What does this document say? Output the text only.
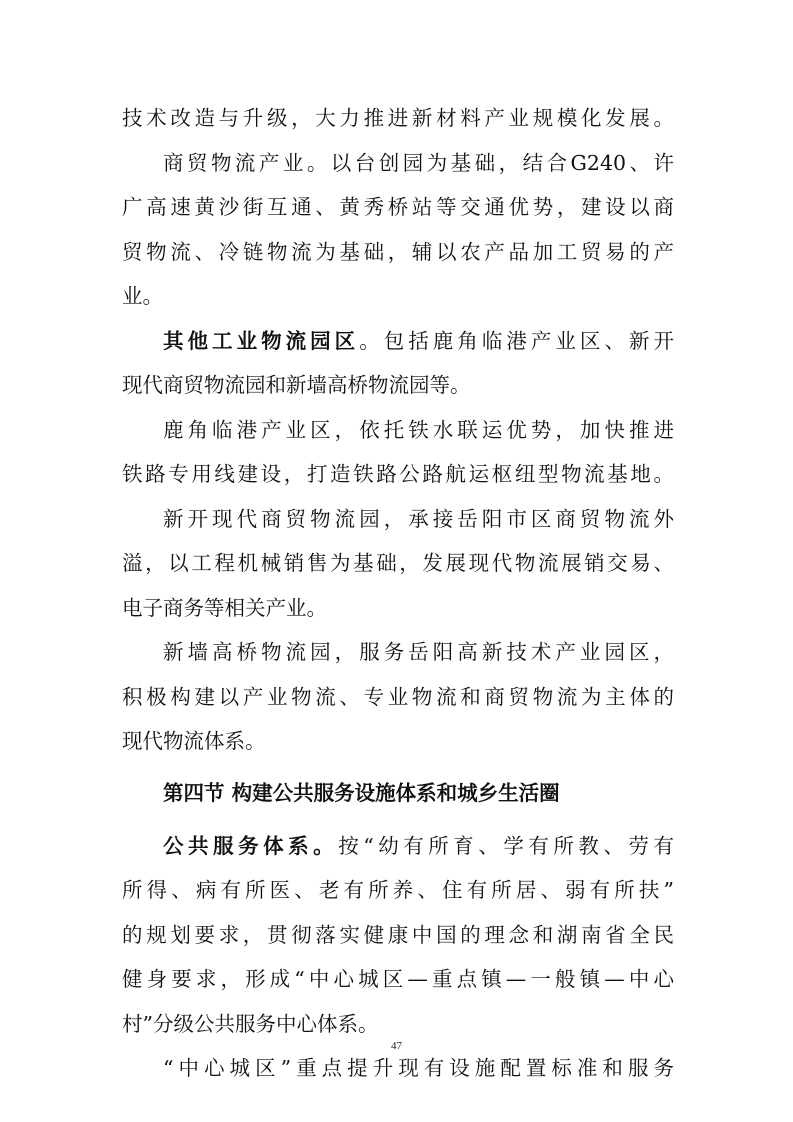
技术改造与升级，大力推进新材料产业规模化发展。
商贸物流产业。以台创园为基础，结合G240、许
广高速黄沙街互通、黄秀桥站等交通优势，建设以商
贸物流、冷链物流为基础，辅以农产品加工贸易的产
业。
其他工业物流园区。包括鹿角临港产业区、新开
现代商贸物流园和新墙高桥物流园等。
鹿角临港产业区，依托铁水联运优势，加快推进
铁路专用线建设，打造铁路公路航运枢纽型物流基地。
新开现代商贸物流园，承接岳阳市区商贸物流外
溢，以工程机械销售为基础，发展现代物流展销交易、
电子商务等相关产业。
新墙高桥物流园，服务岳阳高新技术产业园区，
积极构建以产业物流、专业物流和商贸物流为主体的
现代物流体系。
第四节 构建公共服务设施体系和城乡生活圈
公共服务体系。按“幼有所育、学有所教、劳有
所得、病有所医、老有所养、住有所居、弱有所扶”
的规划要求，贯彻落实健康中国的理念和湖南省全民
健身要求，形成“中心城区—重点镇—一般镇—中心
村”分级公共服务中心体系。
“中心城区”重点提升现有设施配置标准和服务
47
